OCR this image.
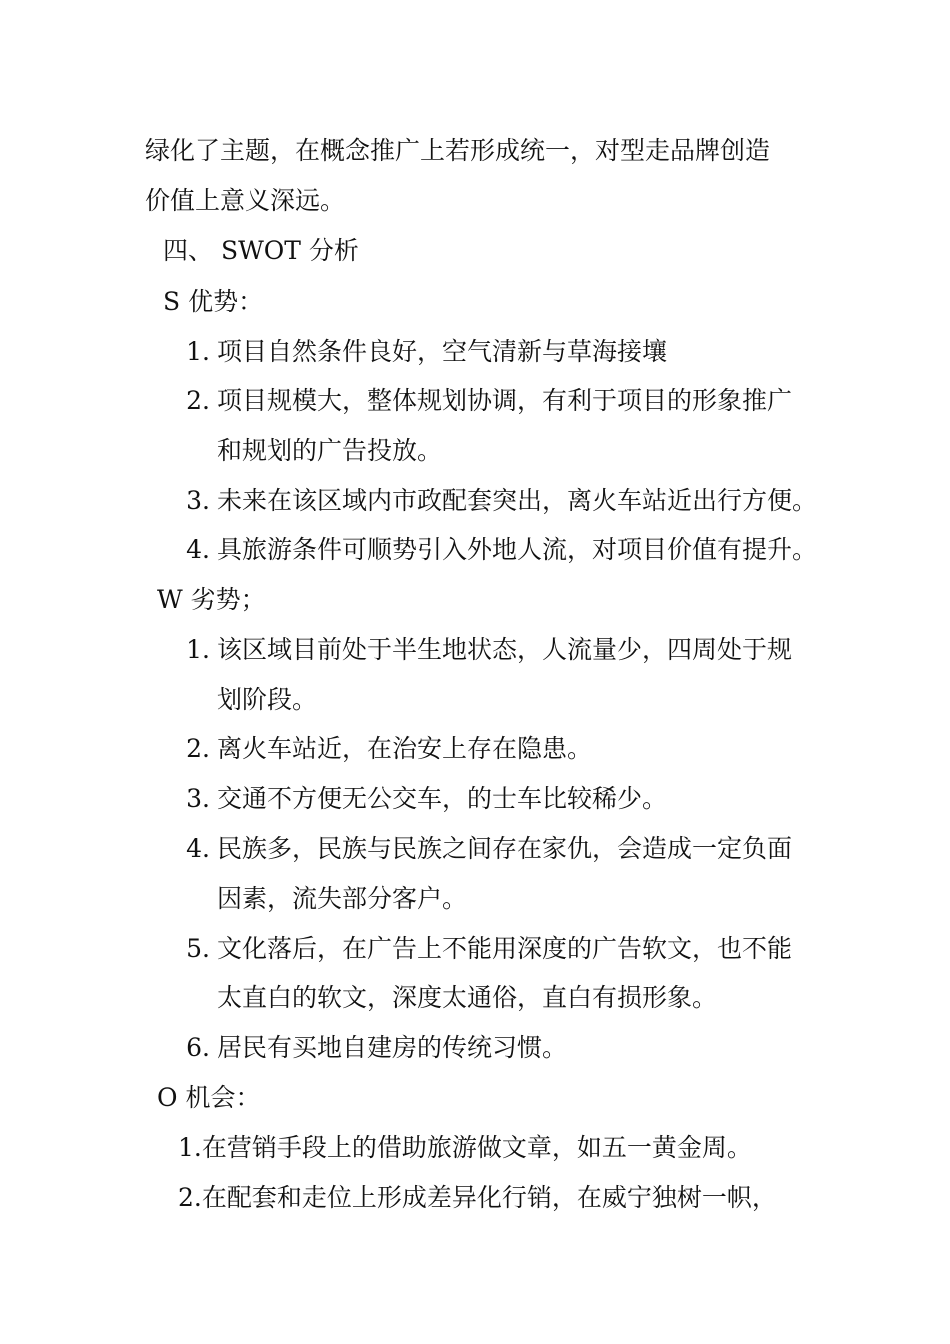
绿化了主题，在概念推广上若形成统一，对型走品牌创造
价值上意义深远。
四、 SWOT 分析
S 优势：
1. 项目自然条件良好，空气清新与草海接壤
2. 项目规模大，整体规划协调，有利于项目的形象推广
和规划的广告投放。
3. 未来在该区域内市政配套突出，离火车站近出行方便。
4. 具旅游条件可顺势引入外地人流，对项目价值有提升。
W 劣势；
1. 该区域目前处于半生地状态，人流量少，四周处于规
划阶段。
2. 离火车站近，在治安上存在隐患。
3. 交通不方便无公交车，的士车比较稀少。
4. 民族多，民族与民族之间存在家仇，会造成一定负面
因素，流失部分客户。
5. 文化落后，在广告上不能用深度的广告软文，也不能
太直白的软文，深度太通俗，直白有损形象。
6. 居民有买地自建房的传统习惯。
O 机会：
1.在营销手段上的借助旅游做文章，如五一黄金周。
2.在配套和走位上形成差异化行销，在威宁独树一帜，
